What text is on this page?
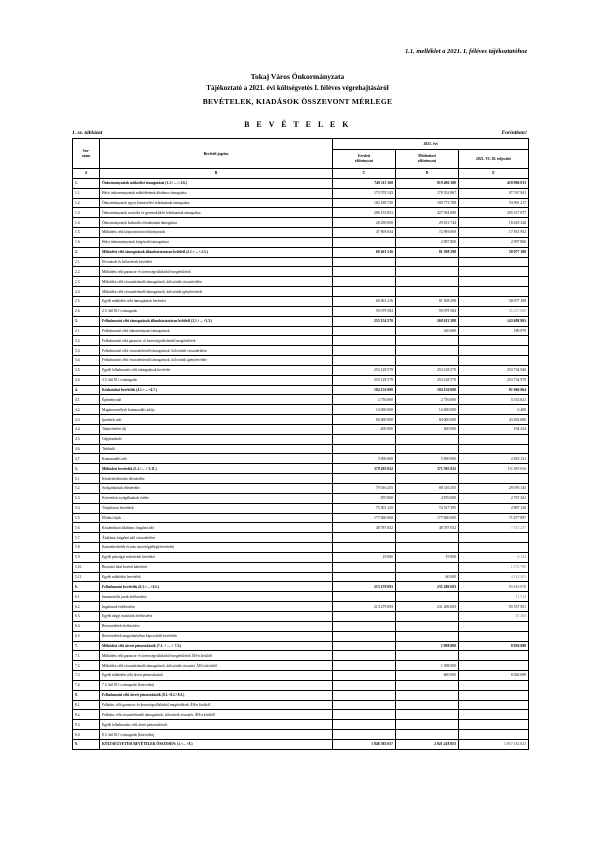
1.1. melléklet a 2021. I. féléves tájékoztatóhoz
Tokaj Város Önkormányzata
Tájékoztató a 2021. évi költségvetés I. féléves végrehajtásáról
BEVÉTELEK, KIADÁSOK ÖSSZEVONT MÉRLEGE
B E V É T E L E K
1. sz. táblázat	Forintban!
Sor-
szám	Bevételi jogcím	2021. évi		
		Eredeti
előirányzat	Módosított
előirányzat	2021. VI. 30. teljesítés
A	B	C	D	E
1.	Önkormányzatok működési támogatásai (1.1.+…+.1.6.)	740 113 168	819 486 380	418 086 813
1.1.	Helyi önkormányzatok működésének általános támogatása	173 578 143	178 352 867	97 767 941
1.2.	Önkormányzatok egyes köznevelési feladatainak támogatása	182 189 720	195 772 789	53 901 217
1.3.	Önkormányzatok szociális és gyermekjóléti feladatainak támogatása	286 153 821	427 934 880	205 517 677
1.4.	Önkormányzatok kulturális feladatainak támogatása	28 290 000	29 431 744	16 618 326
1.5.	Működési célú központosított előirányzatok	47 905 634	72 993 600	17 851 952
1.6.	Helyi önkormányzatok kiegészítő támogatásai		2 997 800	2 997 800
2.	Működési célú támogatások államháztartáson belülről (2.1.+…+.2.5.)	69 461 216	81 508 298	58 077 180
2.1.	Elvonások és befizetések bevételei			
2.2.	Működési célú garancia- és kezességvállalásból megtérülések			
2.3.	Működési célú visszatérítendő támogatások, kölcsönök visszatérülése			
2.4.	Működési célú visszatérítendő támogatások, kölcsönök igénybevétele			
2.5.	Egyéb működési célú támogatások bevételei	69 461 216	81 508 298	58 077 180
2.6.	2.5.-ből EU-s támogatás	59 079 584	59 079 584	45 257 009
3.	Felhalmozási célú támogatások államháztartáson belülről (3.1.+…+3.5.)	253 154 570	268 012 388	143 698 865
3.1.	Felhalmozási célú önkormányzati támogatások		320 680	180 979
3.2.	Felhalmozási célú garancia- és kezességvállalásból megtérülések			
3.3.	Felhalmozási célú visszatérítendő támogatások, kölcsönök visszatérülése			
3.4.	Felhalmozási célú visszatérítendő támogatások, kölcsönök igénybevétele			
3.5.	Egyéb felhalmozási célú támogatások bevételei	253 128 579	253 128 579	253 734 940
3.6.	3.5.-ből EU-s támogatás	253 128 579	253 128 579	253 734 979
4.	Közhatalmi bevételek (4.1.+…+4.7.)	184 156 000	184 156 000	81 966 064
4.1.	Építményadó	2 756 000	2 756 000	5 533 621
4.2.	Magánszemélyek kommunális adója	14 000 000	14 000 000	6 400
4.3.	Iparűzési adó	84 000 000	84 000 000	43 492 000
4.4.	Talajterhelési díj	400 000	400 000	194 234
4.5.	Gépjárműadó			
4.6.	Telekadó			
4.7.	Kommunális adó	5 000 000	5 000 000	2 825 121
5.	Működési bevételek (5.1.+…+ 5.11.)	370 205 032	371 505 032	111 099 656
5.1.	Készletértékesítés ellenértéke			
5.2.	Szolgáltatások ellenértéke	79 016 255	88 316 255	29 076 145
5.3.	Közvetített szolgáltatások értéke	870 000	4 870 000	2 767 341
5.4.	Tulajdonosi bevételek	75 501 125	74 317 395	2 807 130
5.5.	Ellátási díjak	177 000 000	177 000 000	71 677 897
5.6.	Kiszámlázott általános forgalmi adó	48 787 652	48 787 652	7 515 237
5.7.	Általános forgalmi adó visszatérítése			
5.8.	Kamatbevételek és más nyereségjellegű bevételek			
5.9.	Egyéb pénzügyi műveletek bevételei	19 000	19 000	6 124
5.10.	Biztosító által fizetett kártérítés			1 572 796
5.11.	Egyéb működési bevételek		60 000	4 112 201
6.	Felhalmozási bevételek (6.1.+…+6.5.)	213 279 693	231 286 693	85 616 979
6.1.	Immateriális javak értékesítése			11 314
6.2.	Ingatlanok értékesítése	213 279 693	231 286 693	85 557 921
6.3.	Egyéb tárgyi eszközök értékesítése			47 264
6.4.	Részesedések értékesítése			
6.5.	Részesedések megszűnéséhez kapcsolódó bevételek			
7.	Működési célú átvett pénzeszközök (7.1. + … + 7.3.)		1 998 000	8 826 698
7.1.	Működési célú garancia- és kezességvállalásból megtérülések ÁH-n kívülről			
7.2.	Működési célú visszatérítendő támogatások, kölcsönök visszatér. ÁH-n kívülről		1 398 000	
7.3.	Egyéb működési célú átvett pénzeszközök		600 000	8 826 698
7.4.	7.3.-ból EU-s támogatás (közvetlen)			
8.	Felhalmozási célú átvett pénzeszközök (8.1.+8.2.+8.3.)			
8.1.	Felhalm. célú garancia- és kezességvállalásból megtérülések ÁH-n kívülről			
8.2.	Felhalm. célú visszatérítendő támogatások, kölcsönök visszatér. ÁH-n kívülről			
8.3.	Egyéb felhalmozási célú átvett pénzeszközök			
8.4.	8.3.-ból EU-s támogatás (közvetlen)			
9.	KÖLTSÉGVETÉSI BEVÉTELEK ÖSSZESEN: (1.+…+8.)	1 846 383 657	2 021 418 853	1 017 162 822
